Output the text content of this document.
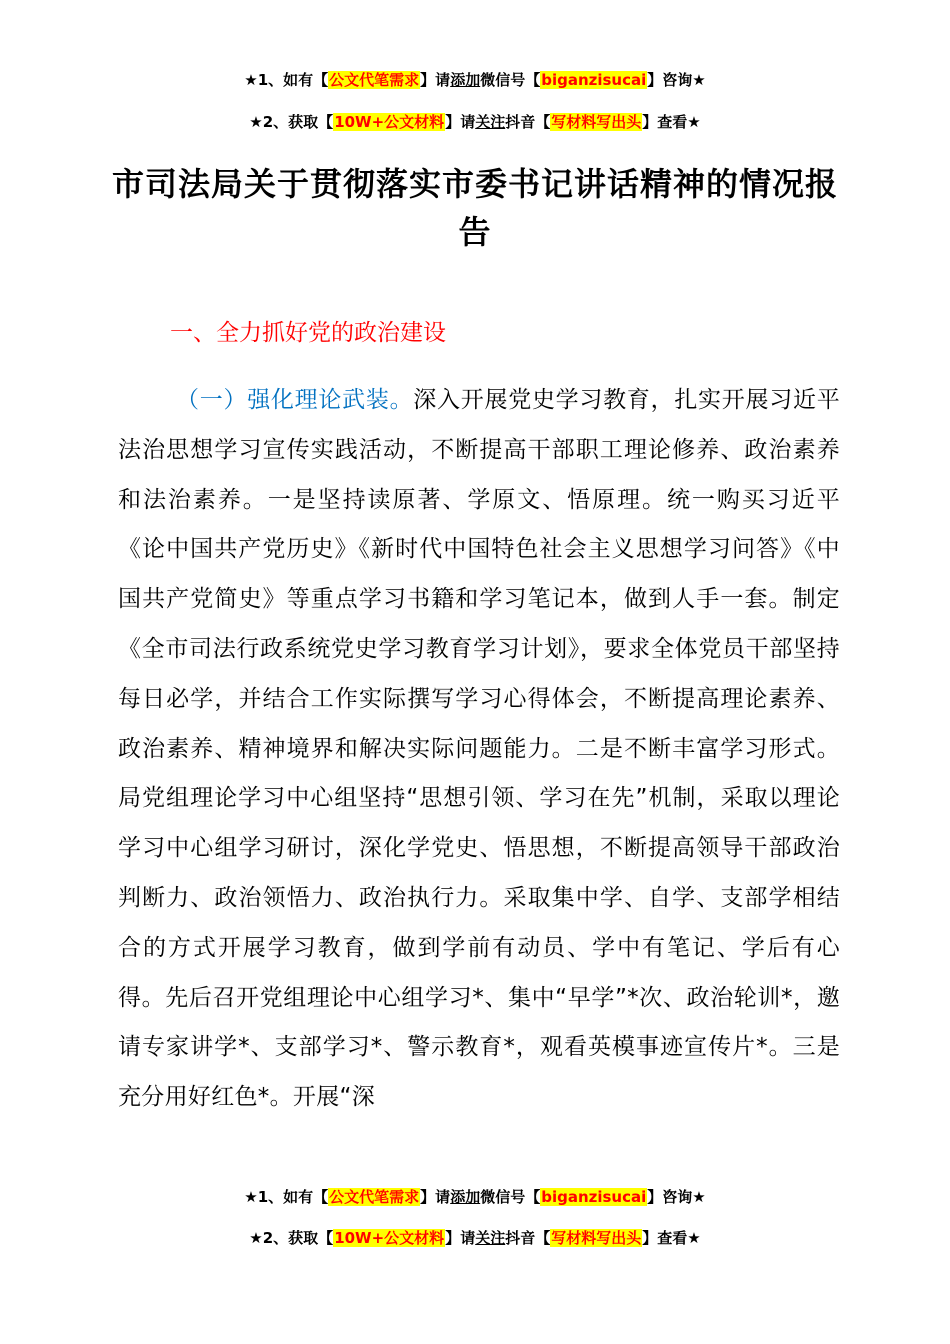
★1、如有【公文代笔需求】请添加微信号【biganzisucai】咨询★
★2、获取【10W+公文材料】请关注抖音【写材料写出头】查看★
市司法局关于贯彻落实市委书记讲话精神的情况报告
一、全力抓好党的政治建设

（一）强化理论武装。深入开展党史学习教育，扎实开展习近平法治思想学习宣传实践活动，不断提高干部职工理论修养、政治素养和法治素养。一是坚持读原著、学原文、悟原理。统一购买习近平《论中国共产党历史》《新时代中国特色社会主义思想学习问答》《中国共产党简史》等重点学习书籍和学习笔记本，做到人手一套。制定《全市司法行政系统党史学习教育学习计划》，要求全体党员干部坚持每日必学，并结合工作实际撰写学习心得体会，不断提高理论素养、政治素养、精神境界和解决实际问题能力。二是不断丰富学习形式。局党组理论学习中心组坚持“思想引领、学习在先”机制，采取以理论学习中心组学习研讨，深化学党史、悟思想，不断提高领导干部政治判断力、政治领悟力、政治执行力。采取集中学、自学、支部学相结合的方式开展学习教育，做到学前有动员、学中有笔记、学后有心得。先后召开党组理论中心组学习*、集中“早学”*次、政治轮训*，邀请专家讲学*、支部学习*、警示教育*，观看英模事迹宣传片*。三是充分用好红色*。开展“深

★1、如有【公文代笔需求】请添加微信号【biganzisucai】咨询★
★2、获取【10W+公文材料】请关注抖音【写材料写出头】查看★
